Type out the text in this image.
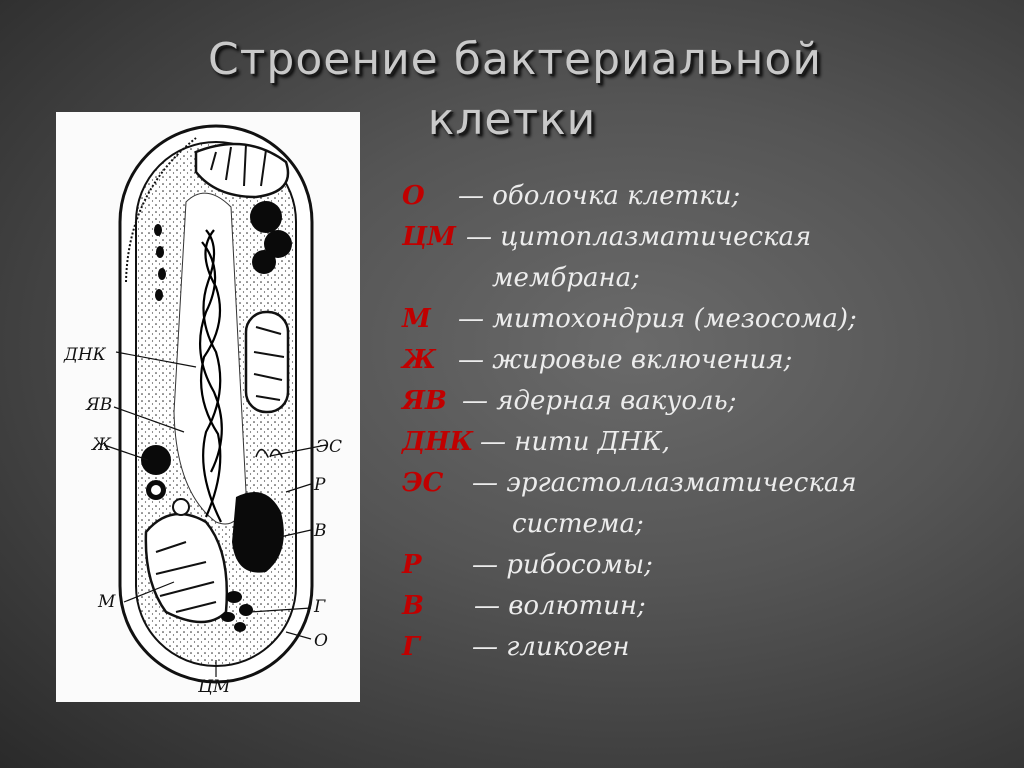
Строение бактериальной
клетки
ДНК
ЯВ
Ж	ЭС
Р
В
М	Г
О
ЦМ
О — оболочка клетки;
ЦМ — цитоплазматическая
мембрана;
М — митохондрия (мезосома);
Ж — жировые включения;
ЯВ — ядерная вакуоль;
ДНК — нити ДНК,
ЭС — эргастоллазматическая
система;
Р — рибосомы;
В — волютин;
Г — гликоген
